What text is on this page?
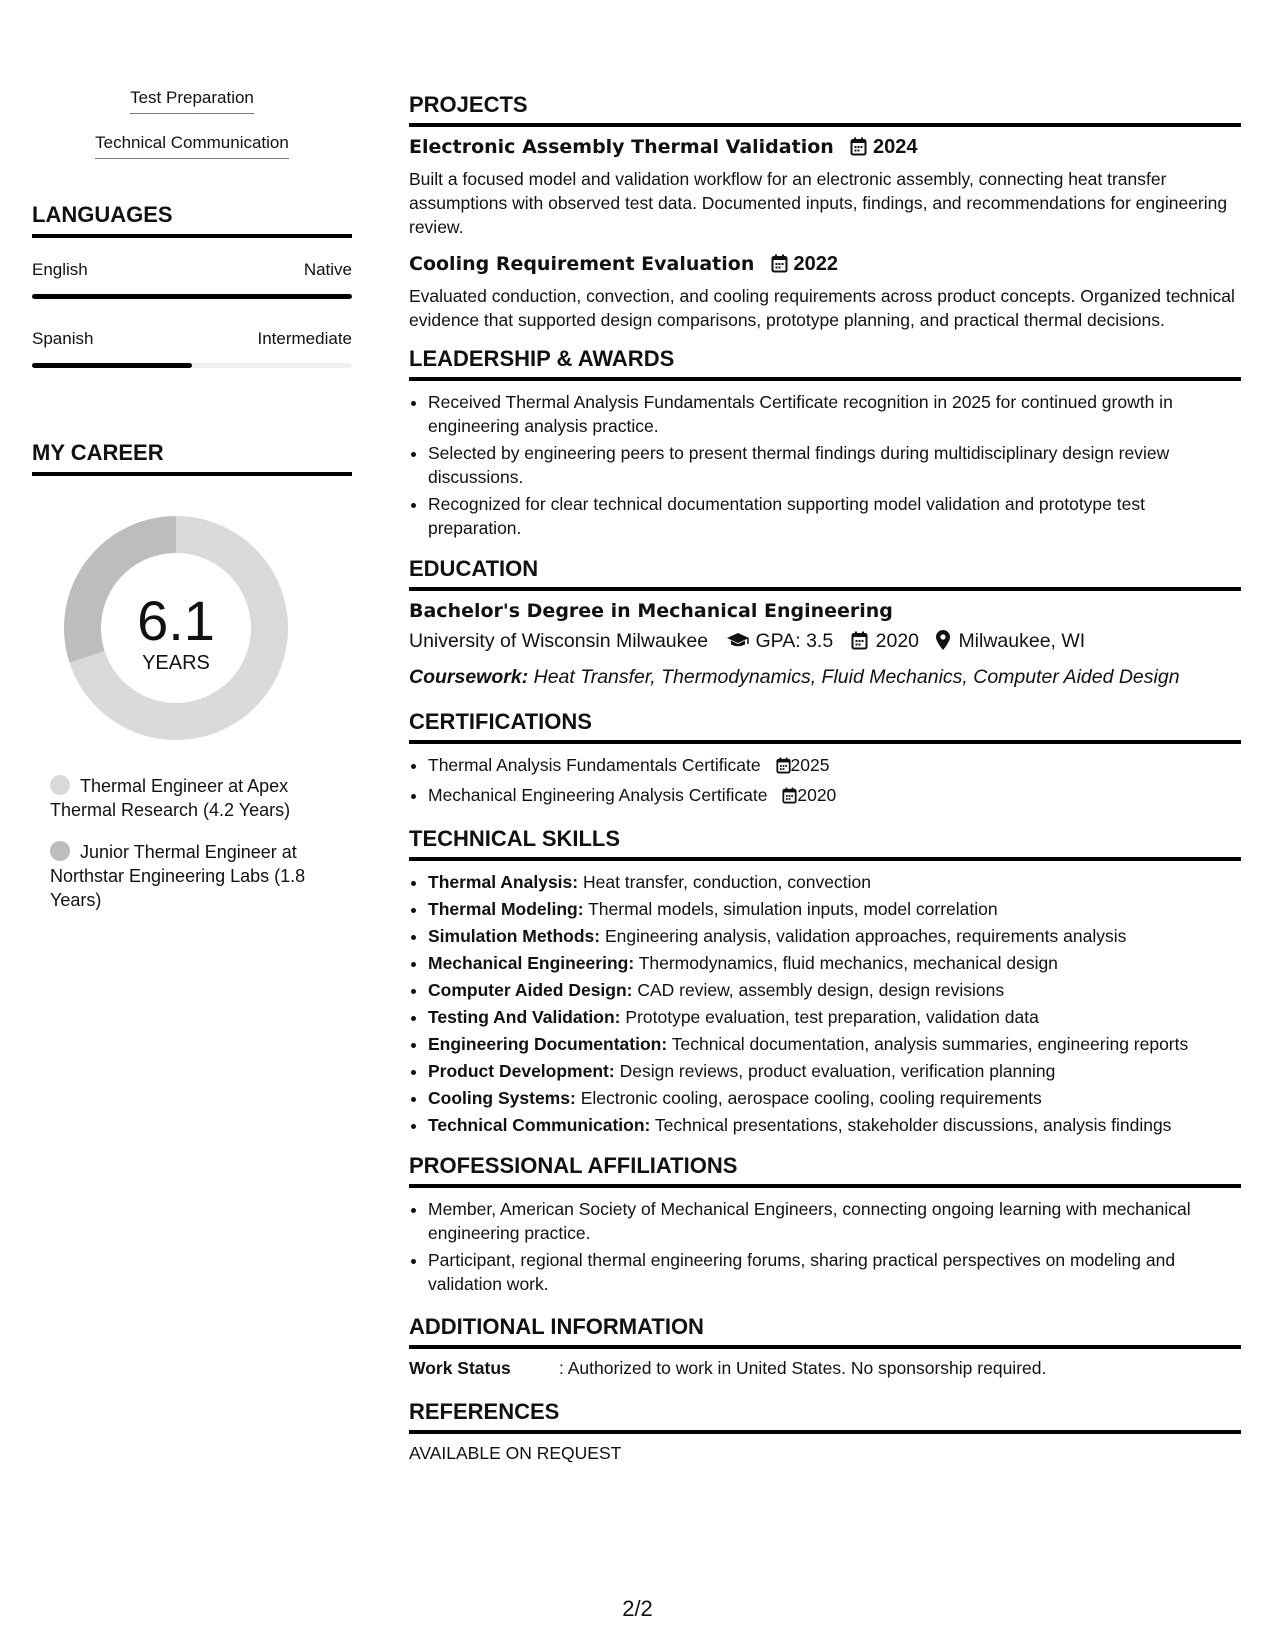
Test Preparation
Technical Communication
LANGUAGES
English	Native
Spanish	Intermediate
MY CAREER
6.1
YEARS
Thermal Engineer at Apex Thermal Research (4.2 Years)
Junior Thermal Engineer at Northstar Engineering Labs (1.8 Years)
PROJECTS
Electronic Assembly Thermal Validation 2024
Built a focused model and validation workflow for an electronic assembly, connecting heat transfer assumptions with observed test data. Documented inputs, findings, and recommendations for engineering review.
Cooling Requirement Evaluation 2022
Evaluated conduction, convection, and cooling requirements across product concepts. Organized technical evidence that supported design comparisons, prototype planning, and practical thermal decisions.
LEADERSHIP & AWARDS
• Received Thermal Analysis Fundamentals Certificate recognition in 2025 for continued growth in engineering analysis practice.
• Selected by engineering peers to present thermal findings during multidisciplinary design review discussions.
• Recognized for clear technical documentation supporting model validation and prototype test preparation.
EDUCATION
Bachelor's Degree in Mechanical Engineering
University of Wisconsin Milwaukee GPA: 3.5 2020 Milwaukee, WI
Coursework: Heat Transfer, Thermodynamics, Fluid Mechanics, Computer Aided Design
CERTIFICATIONS
• Thermal Analysis Fundamentals Certificate 2025
• Mechanical Engineering Analysis Certificate 2020
TECHNICAL SKILLS
• Thermal Analysis: Heat transfer, conduction, convection
• Thermal Modeling: Thermal models, simulation inputs, model correlation
• Simulation Methods: Engineering analysis, validation approaches, requirements analysis
• Mechanical Engineering: Thermodynamics, fluid mechanics, mechanical design
• Computer Aided Design: CAD review, assembly design, design revisions
• Testing And Validation: Prototype evaluation, test preparation, validation data
• Engineering Documentation: Technical documentation, analysis summaries, engineering reports
• Product Development: Design reviews, product evaluation, verification planning
• Cooling Systems: Electronic cooling, aerospace cooling, cooling requirements
• Technical Communication: Technical presentations, stakeholder discussions, analysis findings
PROFESSIONAL AFFILIATIONS
• Member, American Society of Mechanical Engineers, connecting ongoing learning with mechanical engineering practice.
• Participant, regional thermal engineering forums, sharing practical perspectives on modeling and validation work.
ADDITIONAL INFORMATION
Work Status	: Authorized to work in United States. No sponsorship required.
REFERENCES
AVAILABLE ON REQUEST
2/2
